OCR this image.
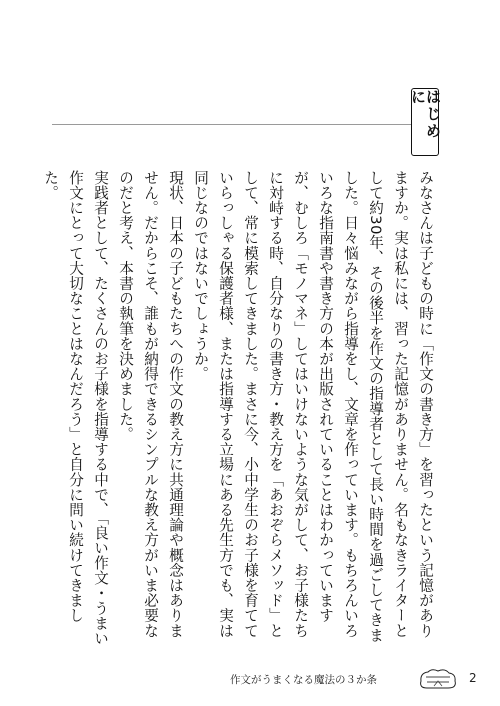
はじめに

みなさんは子どもの時に「作文の書き方」を習ったという記憶がありますか。実は私には、習った記憶がありません。名もなきライターとして約30年、その後半を作文の指導者として長い時間を過ごしてきました。日々悩みながら指導をし、文章を作っています。もちろんいろいろな指南書や書き方の本が出版されていることはわかっていますが、むしろ「モノマネ」してはいけないような気がして、お子様たちに対峙する時、自分なりの書き方・教え方を「あおぞらメソッド」として、常に模索してきました。まさに今、小中学生のお子様を育てていらっしゃる保護者様、または指導する立場にある先生方でも、実は同じなのではないでしょうか。

現状、日本の子どもたちへの作文の教え方に共通理論や概念はありません。だからこそ、誰もが納得できるシンプルな教え方がいま必要なのだと考え、本書の執筆を決めました。

実践者として、たくさんのお子様を指導する中で、「良い作文・うまい作文にとって大切なことはなんだろう」と自分に問い続けてきました。

作文がうまくなる魔法の３か条	2
